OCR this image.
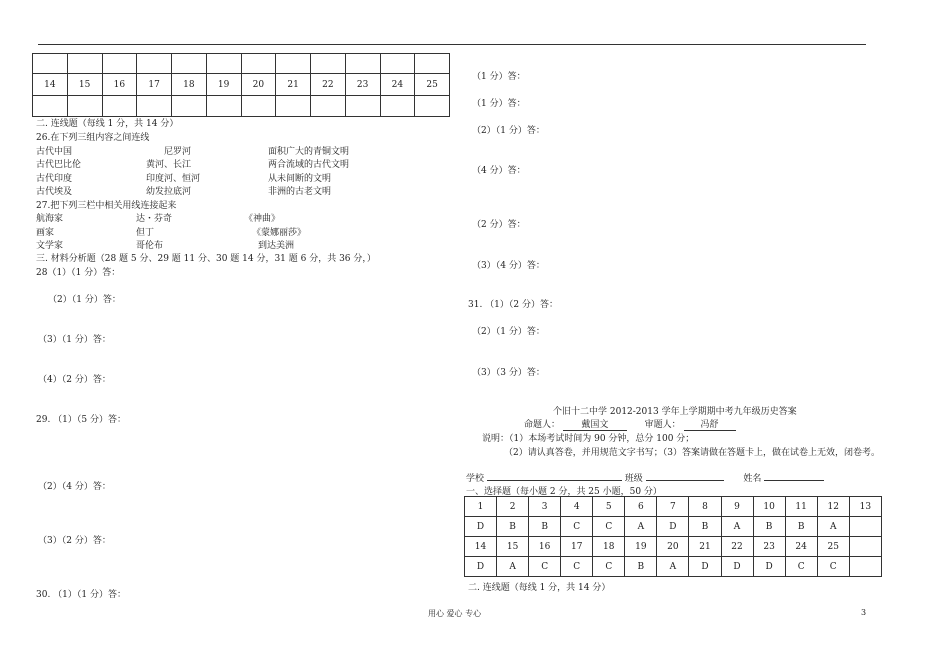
14	15	16	17	18	19	20	21	22	23	24	25

二. 连线题（每线 1 分，共 14 分）
26.在下列三组内容之间连线
古代中国	尼罗河	面积广大的青铜文明
古代巴比伦	黄河、长江	两合流域的古代文明
古代印度	印度河、恒河	从未间断的文明
古代埃及	幼发拉底河	非洲的古老文明
27.把下列三栏中相关用线连接起来
航海家	达・芬奇	《神曲》
画家	但丁	《蒙娜丽莎》
文学家	哥伦布	到达美洲
三. 材料分析题（28 题 5 分、29 题 11 分、30 题 14 分，31 题 6 分，共 36 分，）
28（1）（1 分）答：
（2）（1 分）答：
（3）（1 分）答：
（4）（2 分）答：
29. （1）（5 分）答：
（2）（4 分）答：
（3）（2 分）答：
30. （1）（1 分）答：
（1 分）答：
（1 分）答：
（2）（1 分）答：
（4 分）答：
（2 分）答：
（3）（4 分）答：
31. （1）（2 分）答：
（2）（1 分）答：
（3）（3 分）答：
个旧十二中学 2012-2013 学年上学期期中考九年级历史答案
命题人： 戴国文	审题人： 冯舒
说明：（1）本场考试时间为 90 分钟，总分 100 分；
（2）请认真答卷，并用规范文字书写；（3）答案请做在答题卡上，做在试卷上无效，闭卷考。
学校	班级	姓名
一、选择题（每小题 2 分，共 25 小题，50 分）
1	2	3	4	5	6	7	8	9	10	11	12	13
D	B	B	C	C	A	D	B	A	B	B	A	
14	15	16	17	18	19	20	21	22	23	24	25	
D	A	C	C	C	B	A	D	D	D	C	C	
二. 连线题（每线 1 分，共 14 分）
用心 爱心 专心	3
